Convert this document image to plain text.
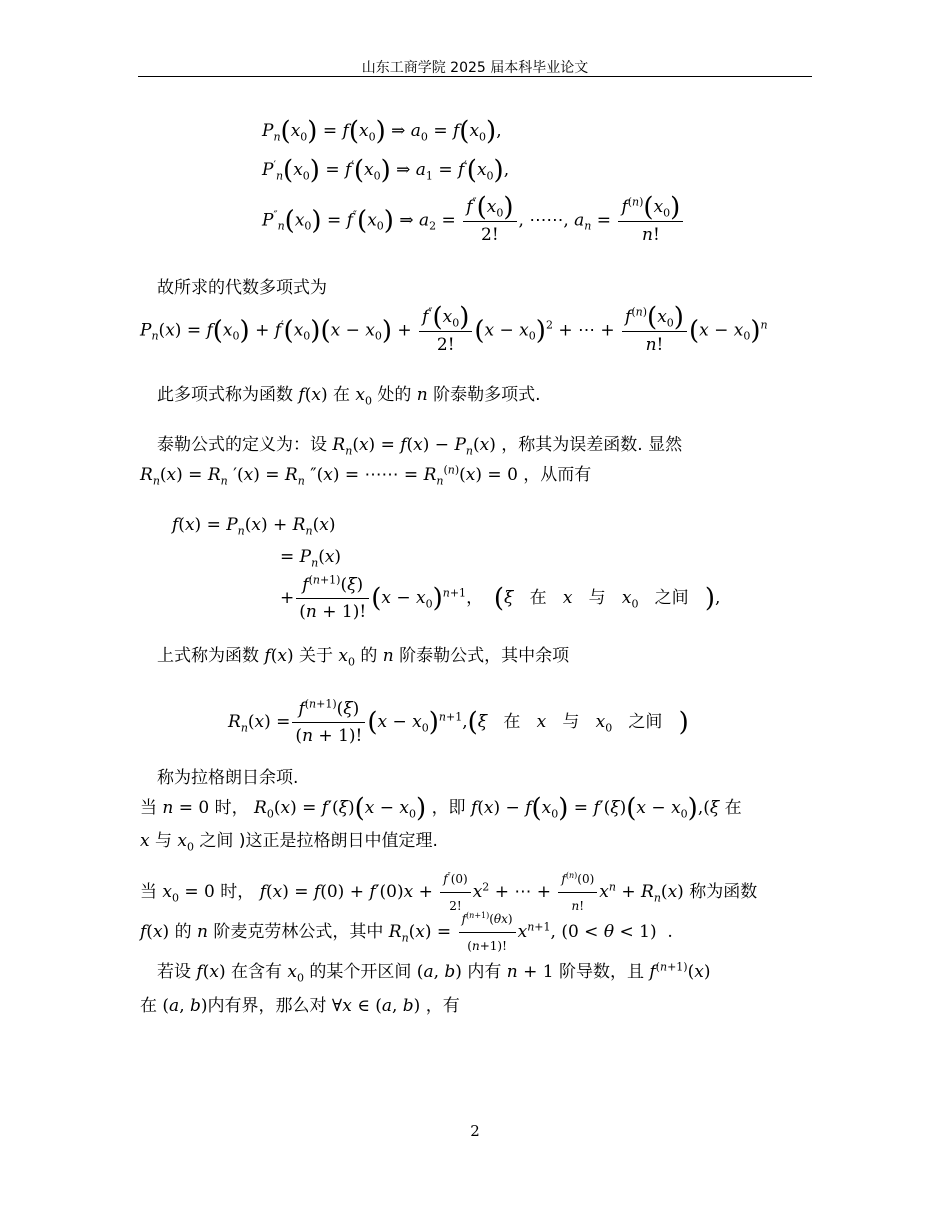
山东工商学院 2025 届本科毕业论文
$P_n(x_0) = f(x_0)$ ⇒ $a_0 = f(x_0)$,
$P'_n(x_0) = f'(x_0)$ ⇒ $a_1 = f'(x_0)$,
$P''_n(x_0) = f''(x_0)$ ⇒ $a_2 = \frac{f''(x_0)}{2!}$ , ⋯⋯, $a_n = \frac{f^{(n)}(x_0)}{n!}$
故所求的代数多项式为
$P_n(x) = f(x_0) + f'(x_0)(x - x_0) + \frac{f''(x_0)}{2!} (x - x_0)^2$ + ⋯ + $\frac{f^{(n)}(x_0)}{n!} (x - x_0)^n$
此多项式称为函数 f(x) 在 $x_0$ 处的 n 阶泰勒多项式.
泰勒公式的定义为：设 $R_n(x) = f(x) - P_n(x)$ ，称其为误差函数. 显然
$R_n(x) = R_n$ $'(x) = R_n$ ″(x) = ⋯⋯ = $R_n^{(n)}(x) = 0$ ，从而有
$f(x) = P_n(x) + R_n(x)$
= $P_n(x)$
+ $\frac{f^{(n+1)}(\xi)}{(n + 1)!} (x - x_0)^{n+1}$， (ξ   在   x   与   $x_0$ 之间 ),
上式称为函数 f(x) 关于 $x_0$ 的 n 阶泰勒公式，其中余项
$R_n(x) = \frac{f^{(n+1)}(\xi)}{(n + 1)!} (x - x_0)^{n+1},(\xi$   在   x   与   $x_0$ 之间 )
称为拉格朗日余项.
当 n = 0 时， $R_0(x) = f'(\xi)(x - x_0)$ ，即 $f(x) - f(x_0) = f'(\xi)(x - x_0),(\xi$ 在
x 与 $x_0$ 之间 )这正是拉格朗日中值定理.
当 $x_0 = 0$ 时， $f(x) = f(0) + f'(0)x + \frac{f''(0)}{2!} x^2$ + ⋯ + $\frac{f^{(n)}(0)}{n!} x^n + R_n(x)$ 称为函数
f(x) 的 n 阶麦克劳林公式，其中 $R_n(x) = \frac{f^{(n+1)}(\theta x)}{(n+1)!} x^{n+1}$, (0 < θ < 1)  .
若设 f(x) 在含有 $x_0$ 的某个开区间 (a, b) 内有 n + 1 阶导数，且 $f^{(n+1)}(x)$
在 (a, b)内有界，那么对 ∀x ∈ (a, b) ，有
2
